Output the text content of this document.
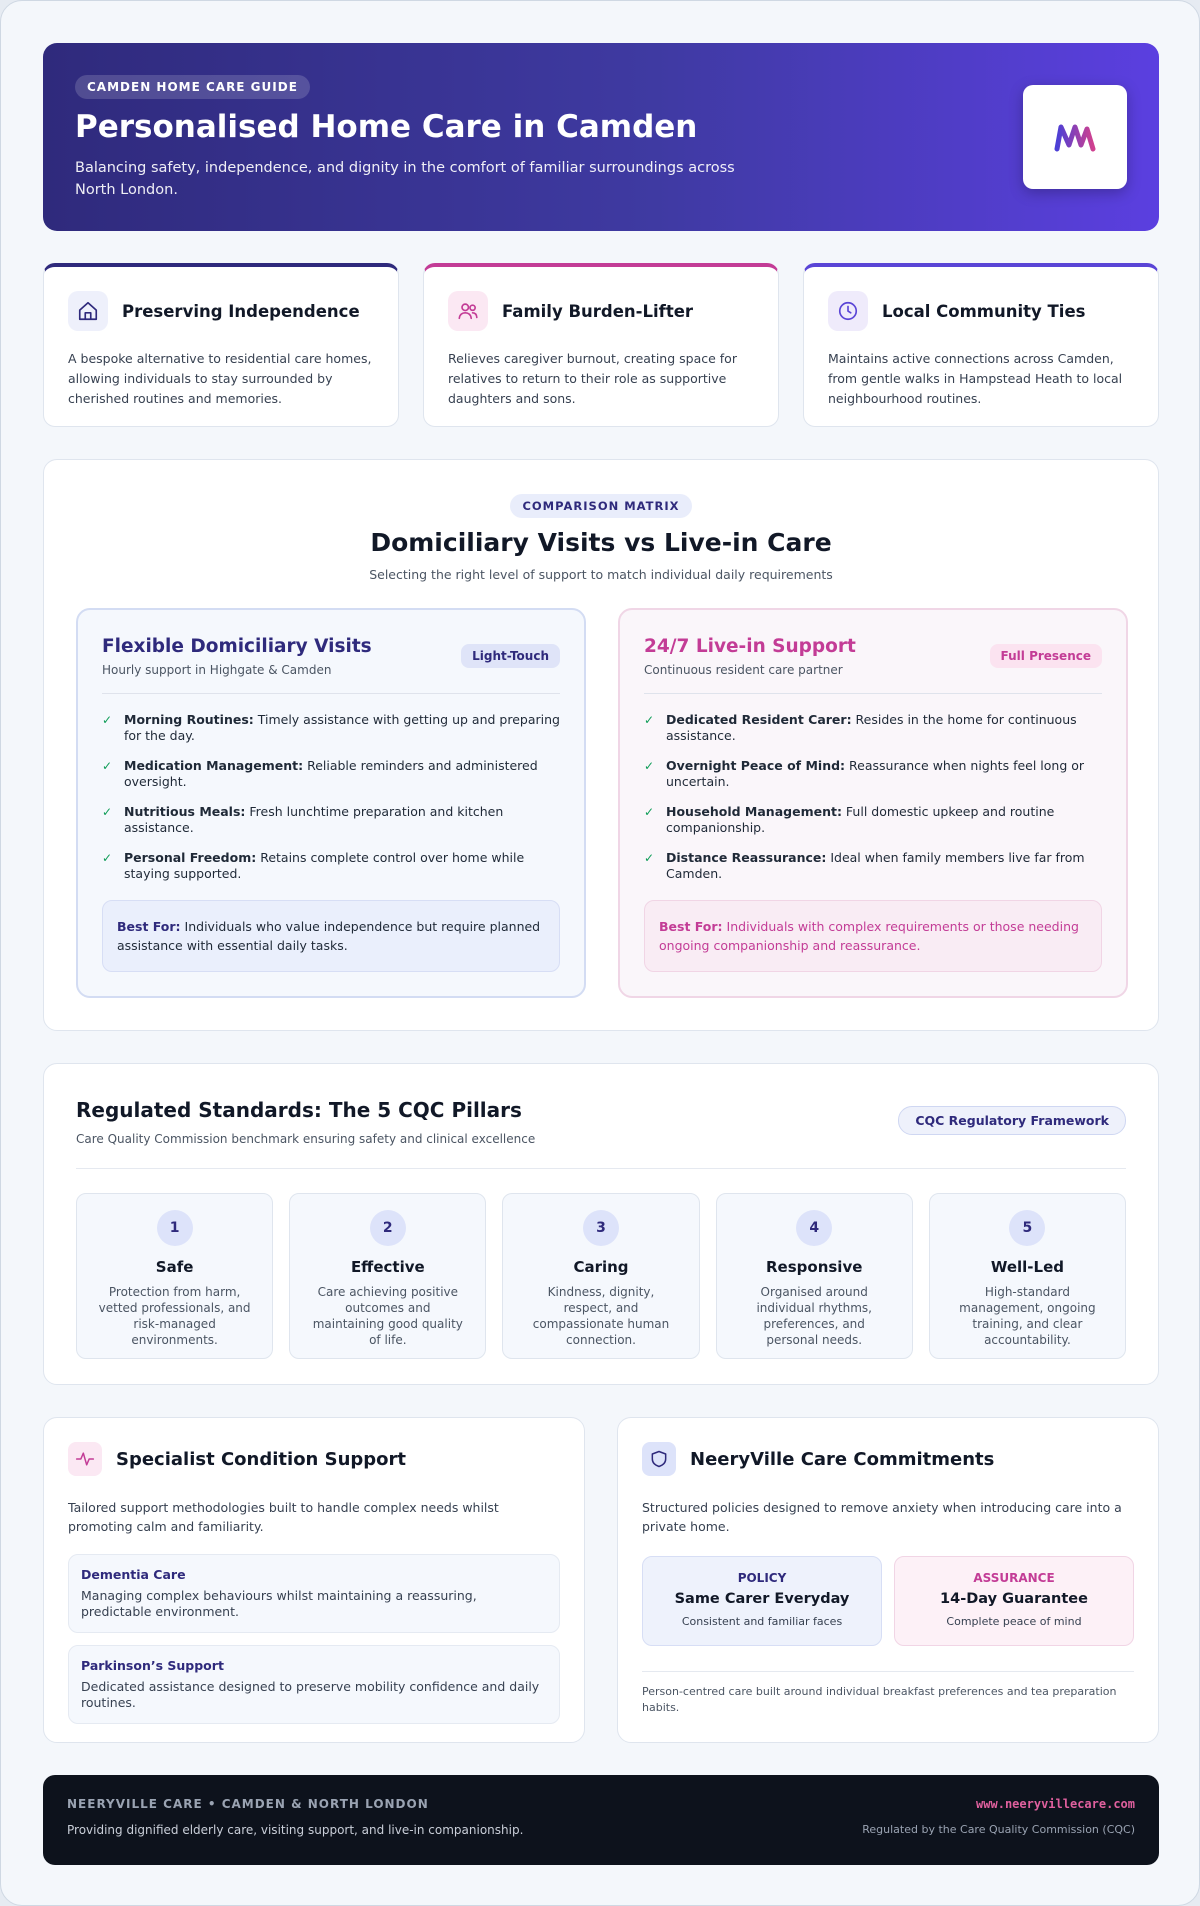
CAMDEN HOME CARE GUIDE
Personalised Home Care in Camden

Balancing safety, independence, and dignity in the comfort of familiar surroundings across North London.

Preserving Independence

A bespoke alternative to residential care homes, allowing individuals to stay surrounded by cherished routines and memories.

Family Burden-Lifter

Relieves caregiver burnout, creating space for relatives to return to their role as supportive daughters and sons.

Local Community Ties

Maintains active connections across Camden, from gentle walks in Hampstead Heath to local neighbourhood routines.

COMPARISON MATRIX
Domiciliary Visits vs Live-in Care
Selecting the right level of support to match individual daily requirements
Flexible Domiciliary Visits
Hourly support in Highgate & Camden
Light-Touch
✓ Morning Routines: Timely assistance with getting up and preparing for the day.
✓ Medication Management: Reliable reminders and administered oversight.
✓ Nutritious Meals: Fresh lunchtime preparation and kitchen assistance.
✓ Personal Freedom: Retains complete control over home while staying supported.
Best For: Individuals who value independence but require planned assistance with essential daily tasks.
24/7 Live-in Support
Continuous resident care partner
Full Presence
✓ Dedicated Resident Carer: Resides in the home for continuous assistance.
✓ Overnight Peace of Mind: Reassurance when nights feel long or uncertain.
✓ Household Management: Full domestic upkeep and routine companionship.
✓ Distance Reassurance: Ideal when family members live far from Camden.
Best For: Individuals with complex requirements or those needing ongoing companionship and reassurance.
Regulated Standards: The 5 CQC Pillars
Care Quality Commission benchmark ensuring safety and clinical excellence
CQC Regulatory Framework
1
Safe

Protection from harm, vetted professionals, and risk-managed environments.

2
Effective

Care achieving positive outcomes and maintaining good quality of life.

3
Caring

Kindness, dignity, respect, and compassionate human connection.

4
Responsive

Organised around individual rhythms, preferences, and personal needs.

5
Well-Led

High-standard management, ongoing training, and clear accountability.

Specialist Condition Support

Tailored support methodologies built to handle complex needs whilst promoting calm and familiarity.

Dementia Care

Managing complex behaviours whilst maintaining a reassuring, predictable environment.

Parkinson’s Support

Dedicated assistance designed to preserve mobility confidence and daily routines.

NeeryVille Care Commitments

Structured policies designed to remove anxiety when introducing care into a private home.

POLICY
Same Carer Everyday
Consistent and familiar faces
ASSURANCE
14-Day Guarantee
Complete peace of mind
Person-centred care built around individual breakfast preferences and tea preparation habits.
NEERYVILLE CARE • CAMDEN & NORTH LONDON
Providing dignified elderly care, visiting support, and live-in companionship.
www.neeryvillecare.com
Regulated by the Care Quality Commission (CQC)
